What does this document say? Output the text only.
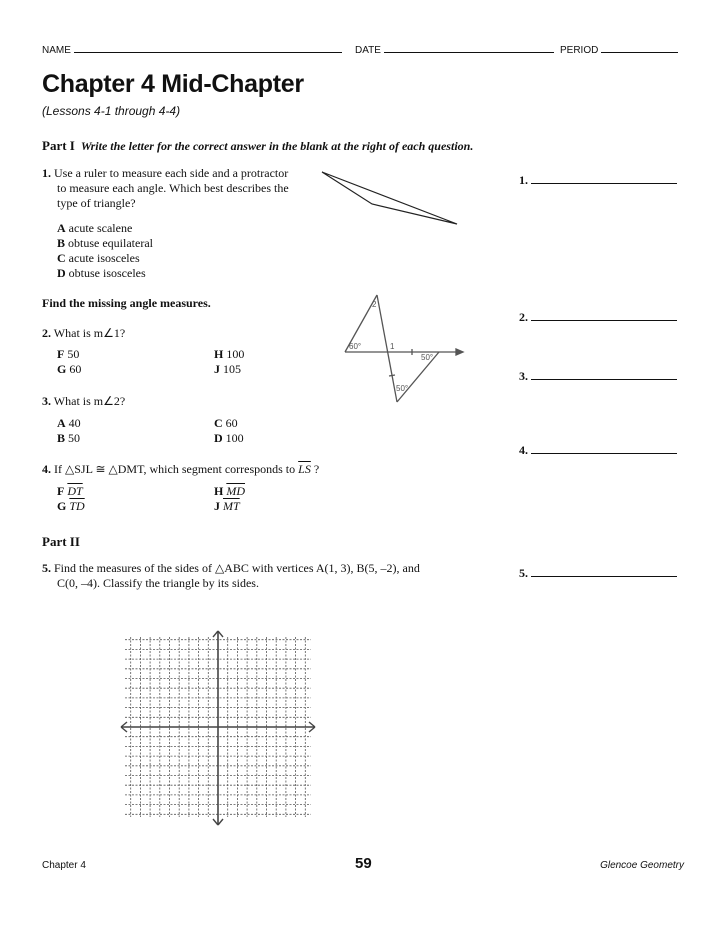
NAME	DATE	PERIOD
Chapter 4 Mid-Chapter
(Lessons 4-1 through 4-4)
Part I Write the letter for the correct answer in the blank at the right of each question.
1. Use a ruler to measure each side and a protractor
to measure each angle. Which best describes the
type of triangle?
A acute scalene
B obtuse equilateral
C acute isosceles
D obtuse isosceles
2
60°	1
50°
50°
Find the missing angle measures.
2. What is m∠1?
F 50
G 60
H 100
J 105
3. What is m∠2?
A 40
B 50
C 60
D 100
4. If △SJL ≅ △DMT, which segment corresponds to $\overline{LS}$ ?
F $\overline{DT}$
G $\overline{TD}$
H $\overline{MD}$
J $\overline{MT}$
Part II
5. Find the measures of the sides of △ABC with vertices A(1, 3), B(5, –2), and
C(0, –4). Classify the triangle by its sides.
1.
2.
3.
4.
5.
Chapter 4	59	Glencoe Geometry
